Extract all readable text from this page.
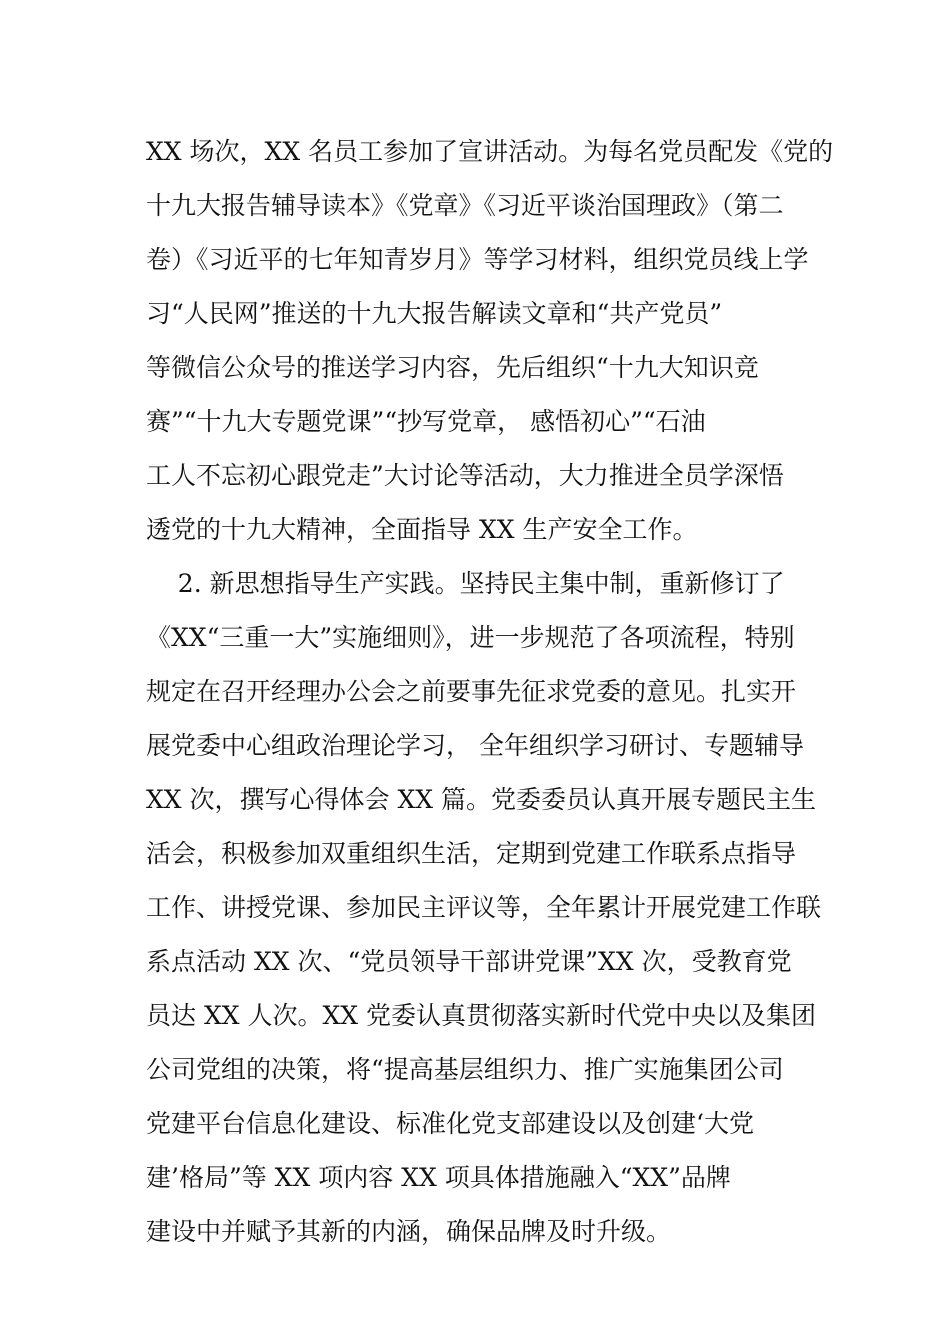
XX 场次，XX 名员工参加了宣讲活动。为每名党员配发《党的
十九大报告辅导读本》《党章》《习近平谈治国理政》（第二
卷）《习近平的七年知青岁月》等学习材料，组织党员线上学
习“人民网”推送的十九大报告解读文章和“共产党员”
等微信公众号的推送学习内容，先后组织“十九大知识竞
赛”“十九大专题党课”“抄写党章， 感悟初心”“石油
工人不忘初心跟党走”大讨论等活动，大力推进全员学深悟
透党的十九大精神，全面指导 XX 生产安全工作。
2. 新思想指导生产实践。坚持民主集中制，重新修订了
《XX“三重一大”实施细则》，进一步规范了各项流程，特别
规定在召开经理办公会之前要事先征求党委的意见。扎实开
展党委中心组政治理论学习， 全年组织学习研讨、专题辅导
XX 次，撰写心得体会 XX 篇。党委委员认真开展专题民主生
活会，积极参加双重组织生活，定期到党建工作联系点指导
工作、讲授党课、参加民主评议等，全年累计开展党建工作联
系点活动 XX 次、“党员领导干部讲党课”XX 次，受教育党
员达 XX 人次。XX 党委认真贯彻落实新时代党中央以及集团
公司党组的决策，将“提高基层组织力、推广实施集团公司
党建平台信息化建设、标准化党支部建设以及创建‘大党
建’格局”等 XX 项内容 XX 项具体措施融入“XX”品牌
建设中并赋予其新的内涵，确保品牌及时升级。
